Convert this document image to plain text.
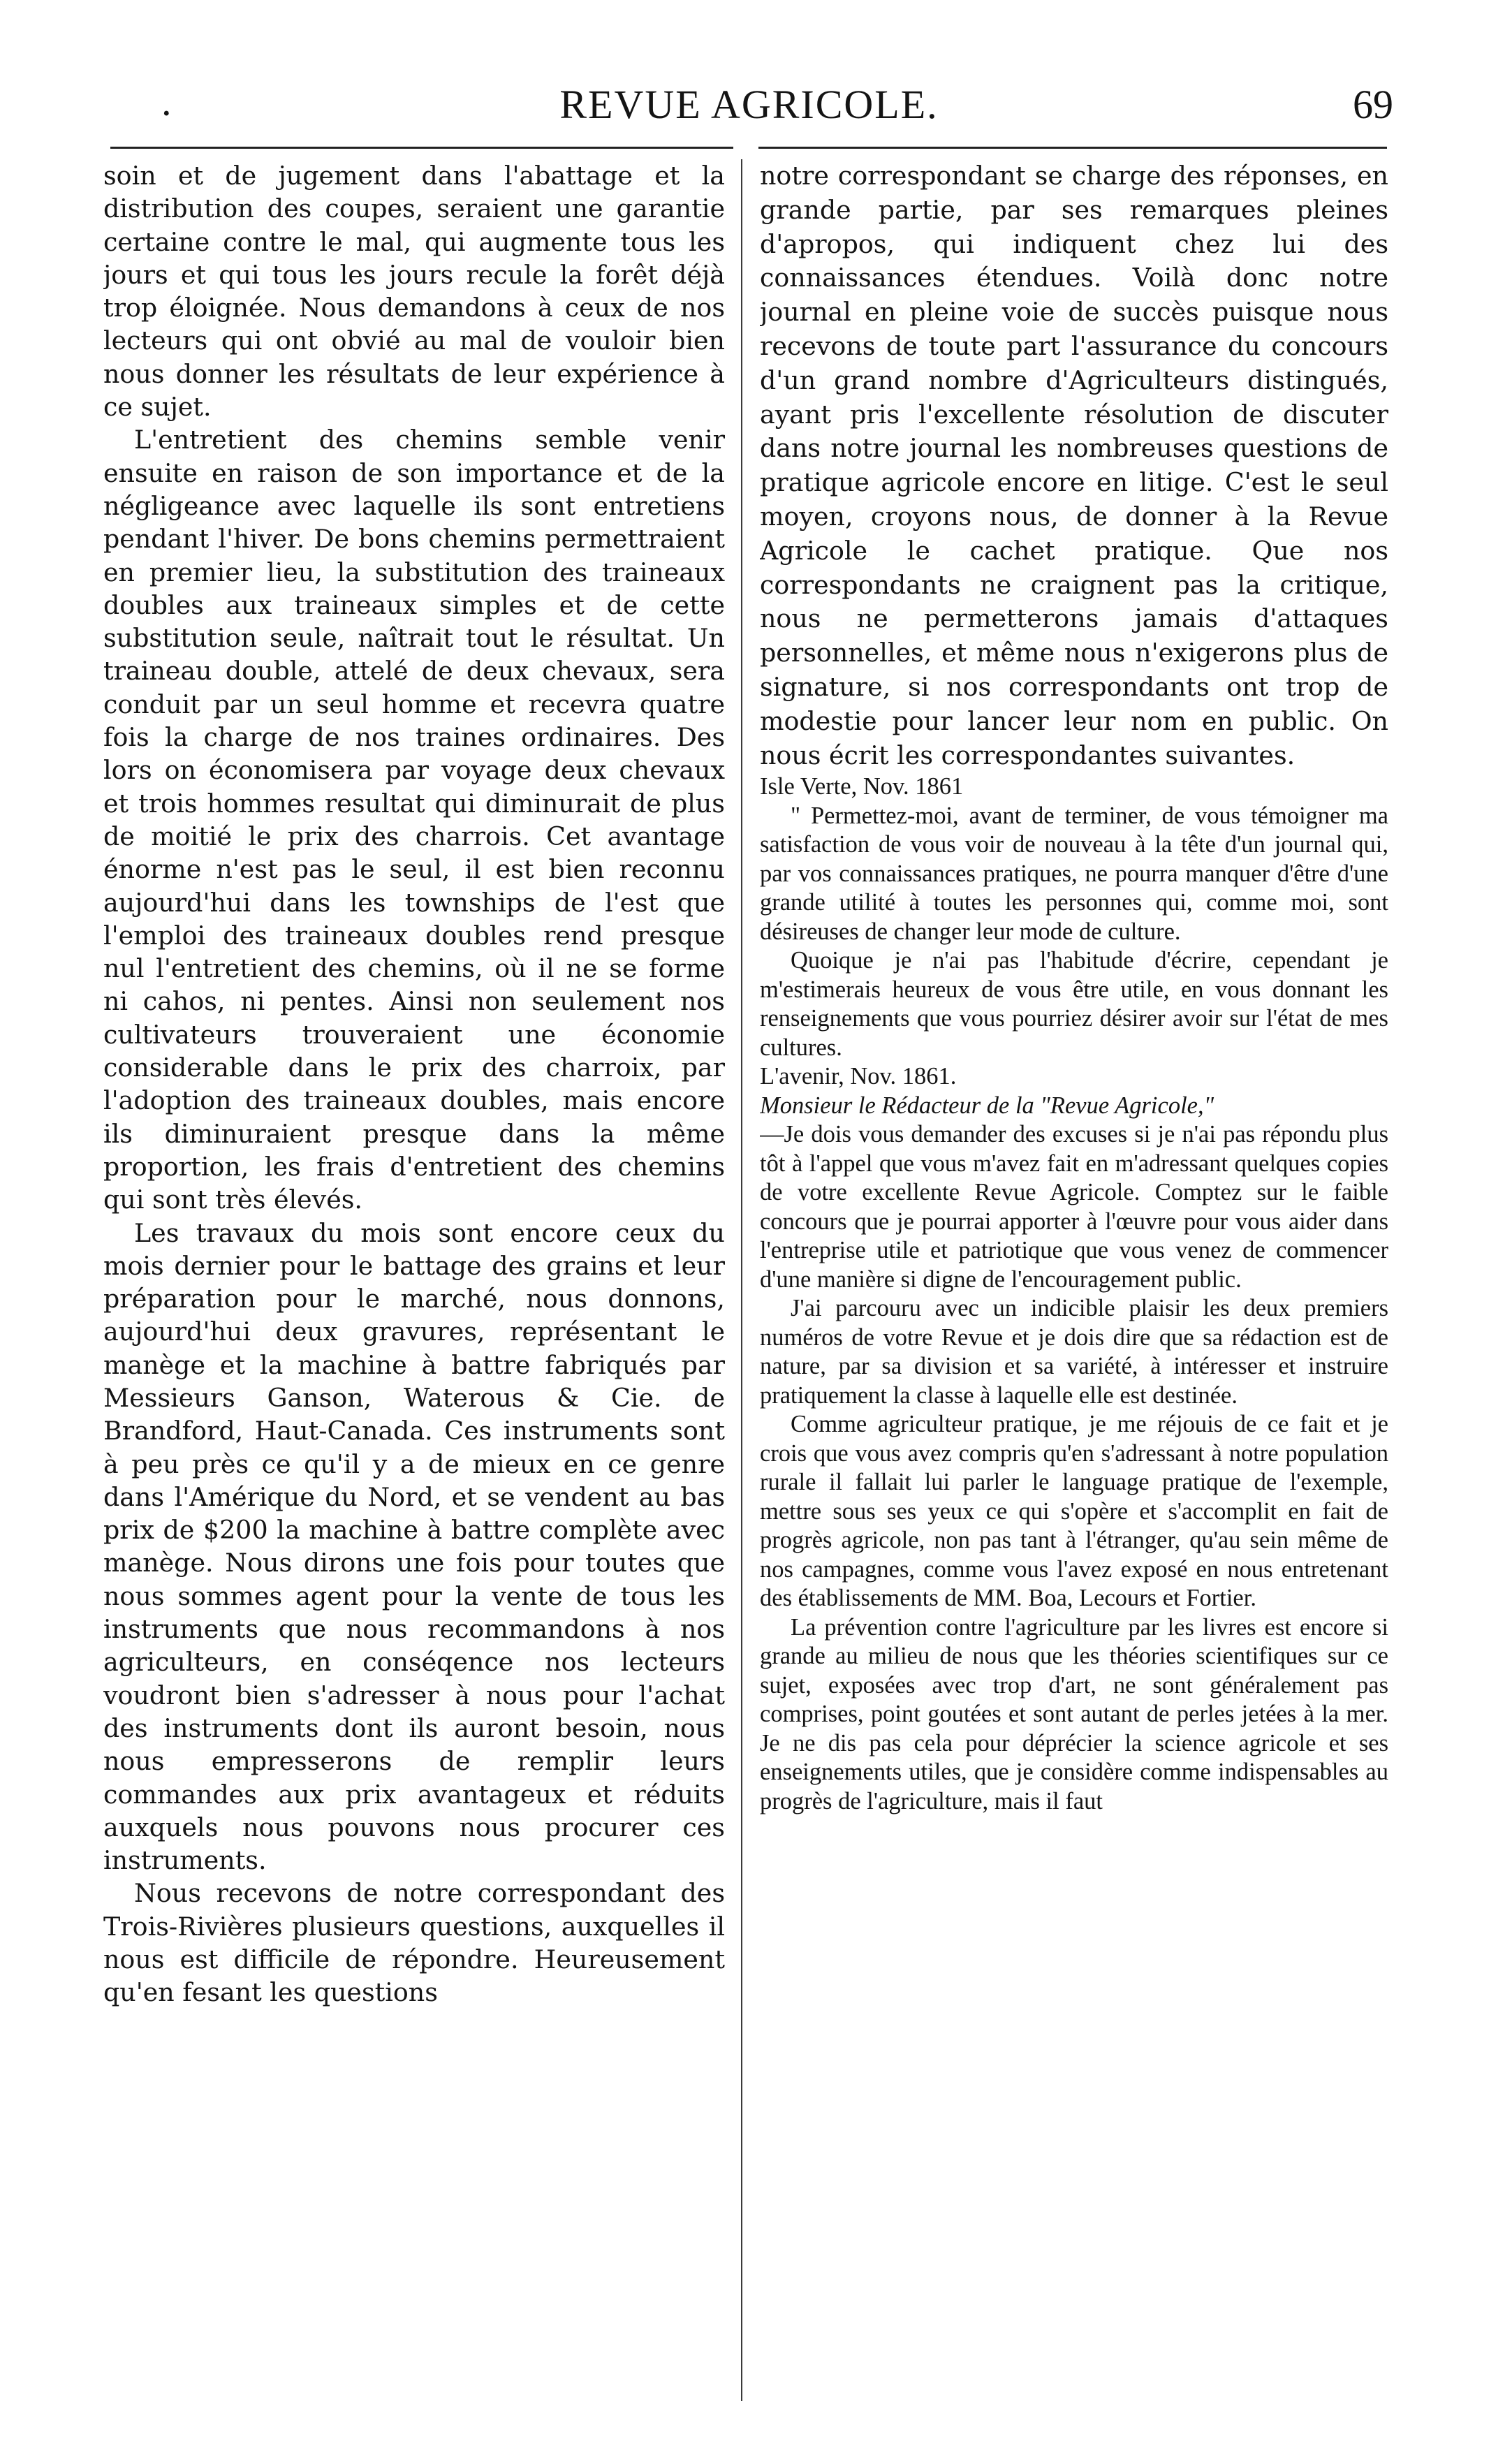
.	REVUE AGRICOLE.	69

soin et de jugement dans l'abattage et la distribution des coupes, seraient une garantie certaine contre le mal, qui augmente tous les jours et qui tous les jours recule la forêt déjà trop éloignée. Nous demandons à ceux de nos lecteurs qui ont obvié au mal de vouloir bien nous donner les résultats de leur expérience à ce sujet.

L'entretient des chemins semble venir ensuite en raison de son importance et de la négligeance avec laquelle ils sont entretiens pendant l'hiver. De bons chemins permettraient en premier lieu, la substitution des traineaux doubles aux traineaux simples et de cette substitution seule, naîtrait tout le résultat. Un traineau double, attelé de deux chevaux, sera conduit par un seul homme et recevra quatre fois la charge de nos traines ordinaires. Des lors on économisera par voyage deux chevaux et trois hommes resultat qui diminurait de plus de moitié le prix des charrois. Cet avantage énorme n'est pas le seul, il est bien reconnu aujourd'hui dans les townships de l'est que l'emploi des traineaux doubles rend presque nul l'entretient des chemins, où il ne se forme ni cahos, ni pentes. Ainsi non seulement nos cultivateurs trouveraient une économie considerable dans le prix des charroix, par l'adoption des traineaux doubles, mais encore ils diminuraient presque dans la même proportion, les frais d'entretient des chemins qui sont très élevés.

Les travaux du mois sont encore ceux du mois dernier pour le battage des grains et leur préparation pour le marché, nous donnons, aujourd'hui deux gravures, représentant le manège et la machine à battre fabriqués par Messieurs Ganson, Waterous & Cie. de Brandford, Haut-Canada. Ces instruments sont à peu près ce qu'il y a de mieux en ce genre dans l'Amérique du Nord, et se vendent au bas prix de $200 la machine à battre complète avec manège. Nous dirons une fois pour toutes que nous sommes agent pour la vente de tous les instruments que nous recommandons à nos agriculteurs, en conséqence nos lecteurs voudront bien s'adresser à nous pour l'achat des instruments dont ils auront besoin, nous nous empresserons de remplir leurs commandes aux prix avantageux et réduits auxquels nous pouvons nous procurer ces instruments.

Nous recevons de notre correspondant des Trois-Rivières plusieurs questions, auxquelles il nous est difficile de répondre. Heureusement qu'en fesant les questions

notre correspondant se charge des réponses, en grande partie, par ses remarques pleines d'apropos, qui indiquent chez lui des connaissances étendues. Voilà donc notre journal en pleine voie de succès puisque nous recevons de toute part l'assurance du concours d'un grand nombre d'Agriculteurs distingués, ayant pris l'excellente résolution de discuter dans notre journal les nombreuses questions de pratique agricole encore en litige. C'est le seul moyen, croyons nous, de donner à la Revue Agricole le cachet pratique. Que nos correspondants ne craignent pas la critique, nous ne permetterons jamais d'attaques personnelles, et même nous n'exigerons plus de signature, si nos correspondants ont trop de modestie pour lancer leur nom en public. On nous écrit les correspondantes suivantes.

Isle Verte, Nov. 1861

" Permettez-moi, avant de terminer, de vous témoigner ma satisfaction de vous voir de nouveau à la tête d'un journal qui, par vos connaissances pratiques, ne pourra manquer d'être d'une grande utilité à toutes les personnes qui, comme moi, sont désireuses de changer leur mode de culture.

Quoique je n'ai pas l'habitude d'écrire, cependant je m'estimerais heureux de vous être utile, en vous donnant les renseignements que vous pourriez désirer avoir sur l'état de mes cultures.

L'avenir, Nov. 1861.

Monsieur le Rédacteur de la "Revue Agricole,"

—Je dois vous demander des excuses si je n'ai pas répondu plus tôt à l'appel que vous m'avez fait en m'adressant quelques copies de votre excellente Revue Agricole. Comptez sur le faible concours que je pourrai apporter à l'œuvre pour vous aider dans l'entreprise utile et patriotique que vous venez de commencer d'une manière si digne de l'encouragement public.

J'ai parcouru avec un indicible plaisir les deux premiers numéros de votre Revue et je dois dire que sa rédaction est de nature, par sa division et sa variété, à intéresser et instruire pratiquement la classe à laquelle elle est destinée.

Comme agriculteur pratique, je me réjouis de ce fait et je crois que vous avez compris qu'en s'adressant à notre population rurale il fallait lui parler le language pratique de l'exemple, mettre sous ses yeux ce qui s'opère et s'accomplit en fait de progrès agricole, non pas tant à l'étranger, qu'au sein même de nos campagnes, comme vous l'avez exposé en nous entretenant des établissements de MM. Boa, Lecours et Fortier.

La prévention contre l'agriculture par les livres est encore si grande au milieu de nous que les théories scientifiques sur ce sujet, exposées avec trop d'art, ne sont généralement pas comprises, point goutées et sont autant de perles jetées à la mer. Je ne dis pas cela pour déprécier la science agricole et ses enseignements utiles, que je considère comme indispensables au progrès de l'agriculture, mais il faut
